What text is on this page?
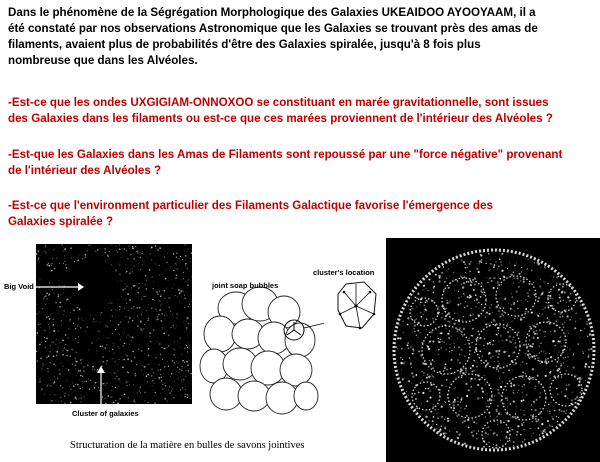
Dans le phénomène de la Ségrégation Morphologique des Galaxies UKEAIDOO AYOOYAAM, il a
été constaté par nos observations Astronomique que les Galaxies se trouvant près des amas de
filaments, avaient plus de probabilités d'être des Galaxies spiralée, jusqu'à 8 fois plus
nombreuse que dans les Alvéoles.
-Est-ce que les ondes UXGIGIAM-ONNOXOO se constituant en marée gravitationnelle, sont issues
des Galaxies dans les filaments ou est-ce que ces marées proviennent de l'intérieur des Alvéoles ?
-Est-que les Galaxies dans les Amas de Filaments sont repoussé par une "force négative" provenant
de l'intérieur des Alvéoles ?
-Est-ce que l'environment particulier des Filaments Galactique favorise l'émergence des
Galaxies spiralée ?
Big Void
Cluster of galaxies
joint soap bubbles
cluster's location
Structuration de la matière en bulles de savons jointives
